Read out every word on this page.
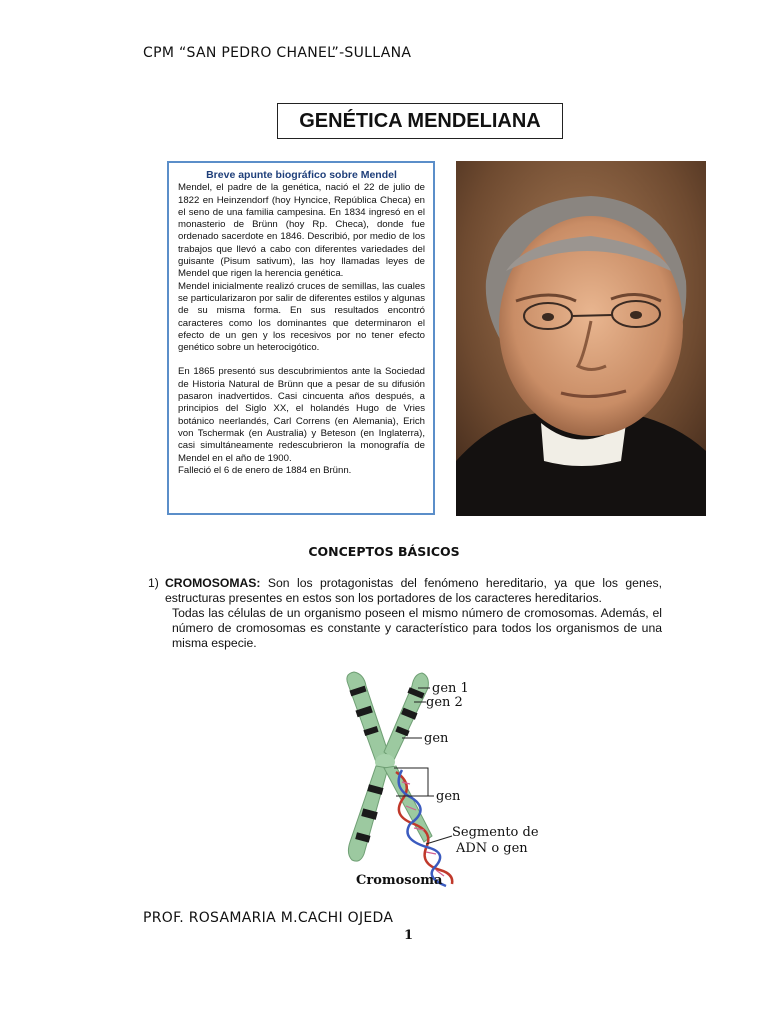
CPM “SAN PEDRO CHANEL”-SULLANA
GENÉTICA MENDELIANA
Breve apunte biográfico sobre Mendel

Mendel, el padre de la genética, nació el 22 de julio de 1822 en Heinzendorf (hoy Hyncice, República Checa) en el seno de una familia campesina. En 1834 ingresó en el monasterio de Brünn (hoy Rp. Checa), donde fue ordenado sacerdote en 1846. Describió, por medio de los trabajos que llevó a cabo con diferentes variedades del guisante (Pisum sativum), las hoy llamadas leyes de Mendel que rigen la herencia genética.

Mendel inicialmente realizó cruces de semillas, las cuales se particularizaron por salir de diferentes estilos y algunas de su misma forma. En sus resultados encontró caracteres como los dominantes que determinaron el efecto de un gen y los recesivos por no tener efecto genético sobre un heterocigótico.

En 1865 presentó sus descubrimientos ante la Sociedad de Historia Natural de Brünn que a pesar de su difusión pasaron inadvertidos. Casi cincuenta años después, a principios del Siglo XX, el holandés Hugo de Vries botánico neerlandés, Carl Correns (en Alemania), Erich von Tschermak (en Australia) y Beteson (en Inglaterra), casi simultáneamente redescubrieron la monografía de Mendel en el año de 1900.

Falleció el 6 de enero de 1884 en Brünn.

CONCEPTOS BÁSICOS
1) CROMOSOMAS: Son los protagonistas del fenómeno hereditario, ya que los genes, estructuras presentes en estos son los portadores de los caracteres hereditarios.
Todas las células de un organismo poseen el mismo número de cromosomas. Además, el número de cromosomas es constante y característico para todos los organismos de una misma especie.
gen 1
gen 2
gen
gen
Segmento de
ADN o gen
Cromosoma
PROF. ROSAMARIA M.CACHI OJEDA
1
